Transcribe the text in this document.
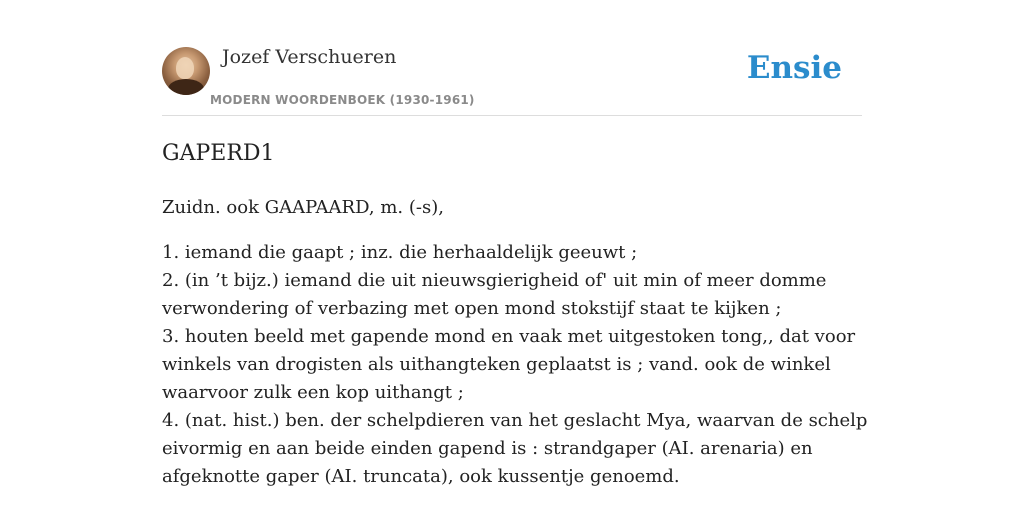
Jozef Verschueren
MODERN WOORDENBOEK (1930-1961)
Ensie
GAPERD1

Zuidn. ook GAAPAARD, m. (-s),

1. iemand die gaapt ; inz. die herhaaldelijk geeuwt ;
2. (in ’t bijz.) iemand die uit nieuwsgierigheid of' uit min of meer domme
verwondering of verbazing met open mond stokstijf staat te kijken ;
3. houten beeld met gapende mond en vaak met uitgestoken tong,, dat voor
winkels van drogisten als uithangteken geplaatst is ; vand. ook de winkel
waarvoor zulk een kop uithangt ;
4. (nat. hist.) ben. der schelpdieren van het geslacht Mya, waarvan de schelp
eivormig en aan beide einden gapend is : strandgaper (AI. arenaria) en
afgeknotte gaper (AI. truncata), ook kussentje genoemd.
